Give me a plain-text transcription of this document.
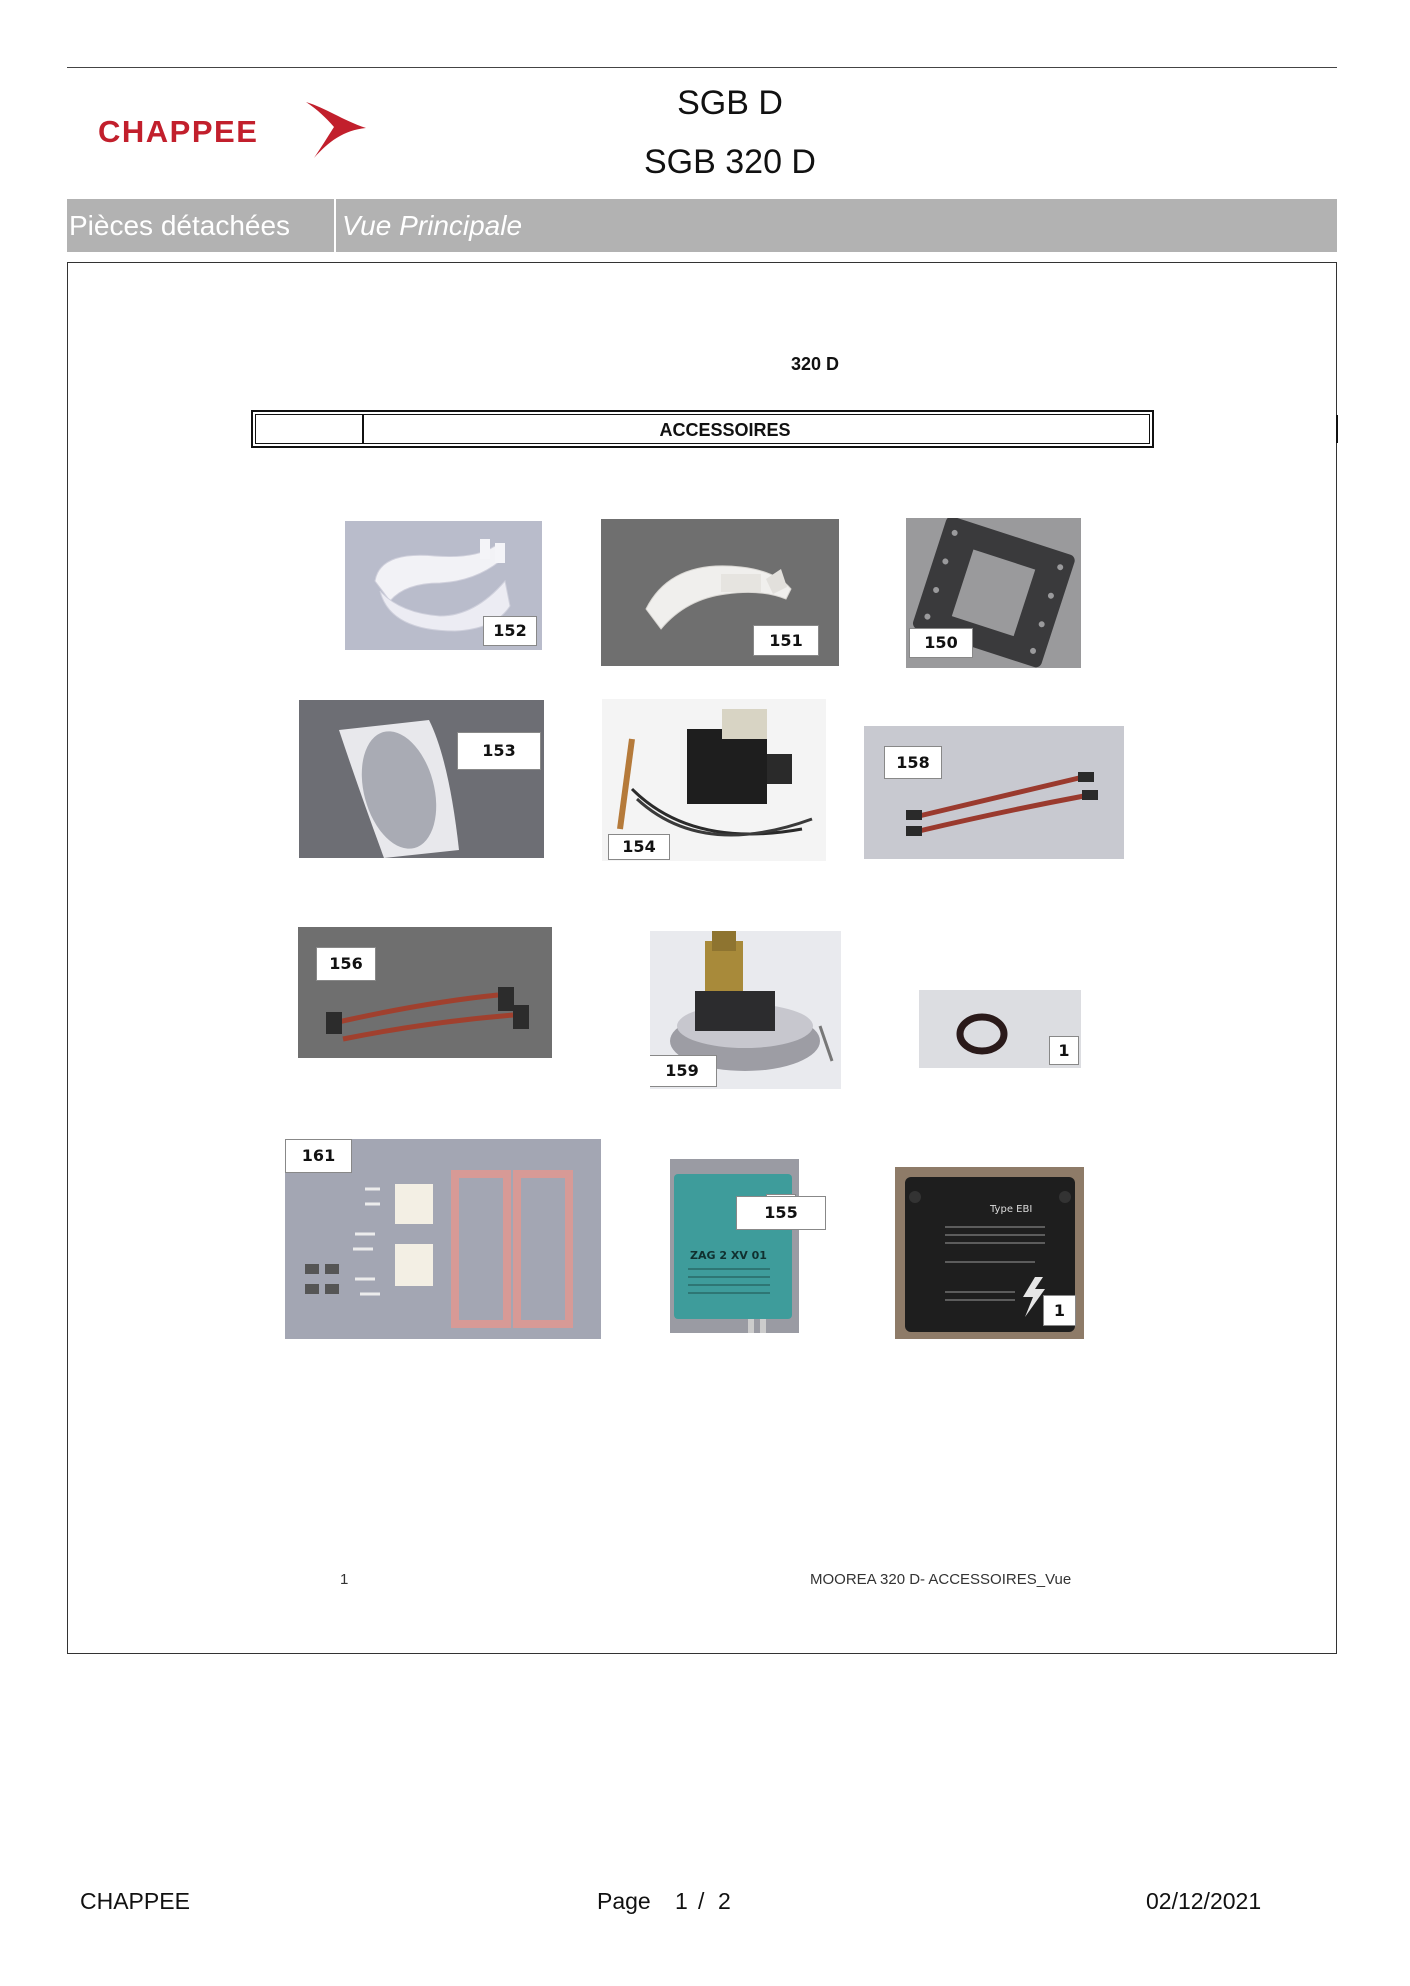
CHAPPEE
SGB D
SGB 320 D
Pièces détachées	Vue Principale
320 D
ACCESSOIRES
152
151	150
153
154
158
156
159
1
161
ZAG 2 XV 01
155	Type EBI
1
1	MOOREA 320 D- ACCESSOIRES_Vue
CHAPPEE	Page 1 / 2	02/12/2021
